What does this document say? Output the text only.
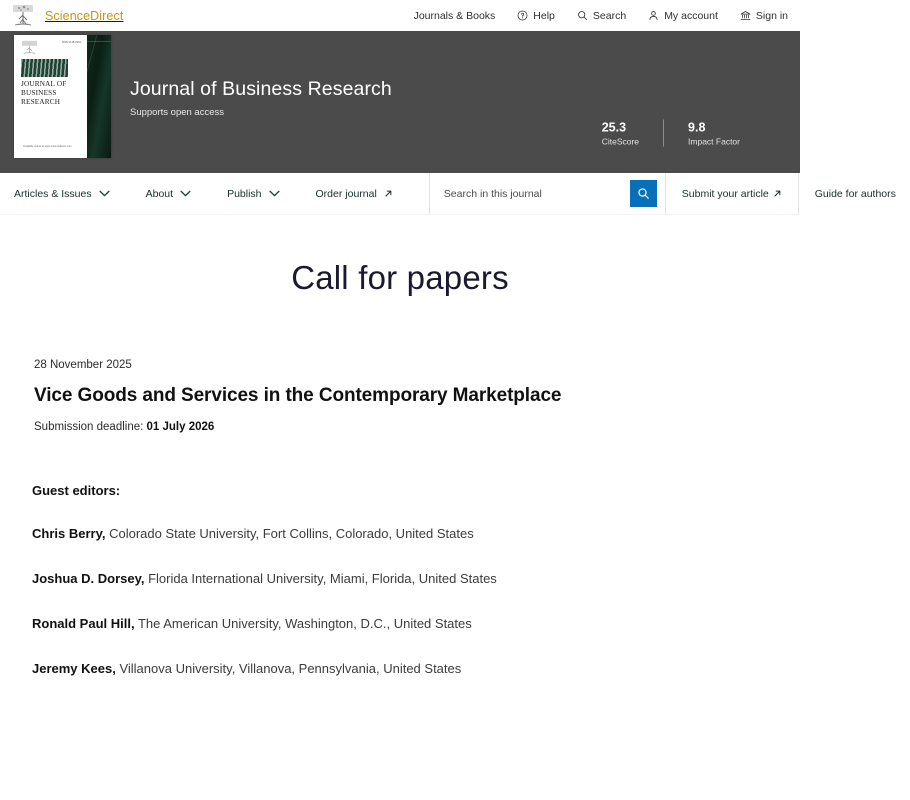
ScienceDirect	Journals & Books	Help	Search	My account	Sign in
ISSN 0148-2963
JOURNAL OF
BUSINESS
RESEARCH
Available online at www.sciencedirect.com
Journal of Business Research
Supports open access
25.3
CiteScore
9.8
Impact Factor
Articles & Issues	About	Publish	Order journal
Search in this journal	Submit your article	Guide for authors
Call for papers
28 November 2025
Vice Goods and Services in the Contemporary Marketplace
Submission deadline: 01 July 2026
Guest editors:

Chris Berry, Colorado State University, Fort Collins, Colorado, United States

Joshua D. Dorsey, Florida International University, Miami, Florida, United States

Ronald Paul Hill, The American University, Washington, D.C., United States

Jeremy Kees, Villanova University, Villanova, Pennsylvania, United States
